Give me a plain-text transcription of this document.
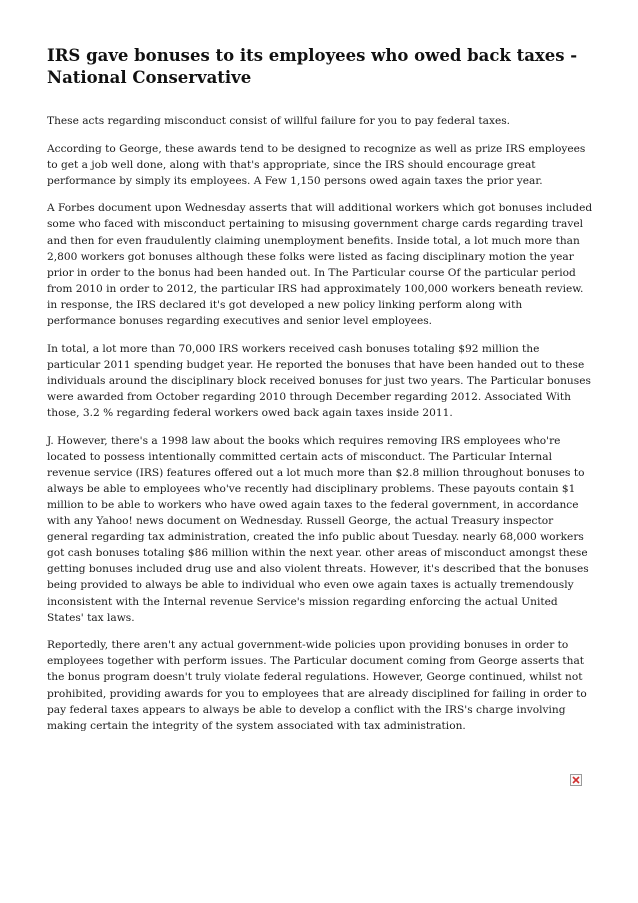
IRS gave bonuses to its employees who owed back taxes - National Conservative

These acts regarding misconduct consist of willful failure for you to pay federal taxes.

According to George, these awards tend to be designed to recognize as well as prize IRS employees to get a job well done, along with that's appropriate, since the IRS should encourage great performance by simply its employees. A Few 1,150 persons owed again taxes the prior year.

A Forbes document upon Wednesday asserts that will additional workers which got bonuses included some who faced with misconduct pertaining to misusing government charge cards regarding travel and then for even fraudulently claiming unemployment benefits. Inside total, a lot much more than 2,800 workers got bonuses although these folks were listed as facing disciplinary motion the year prior in order to the bonus had been handed out. In The Particular course Of the particular period from 2010 in order to 2012, the particular IRS had approximately 100,000 workers beneath review. in response, the IRS declared it's got developed a new policy linking perform along with performance bonuses regarding executives and senior level employees.

In total, a lot more than 70,000 IRS workers received cash bonuses totaling $92 million the particular 2011 spending budget year. He reported the bonuses that have been handed out to these individuals around the disciplinary block received bonuses for just two years. The Particular bonuses were awarded from October regarding 2010 through December regarding 2012. Associated With those, 3.2 % regarding federal workers owed back again taxes inside 2011.

J. However, there's a 1998 law about the books which requires removing IRS employees who're located to possess intentionally committed certain acts of misconduct. The Particular Internal revenue service (IRS) features offered out a lot much more than $2.8 million throughout bonuses to always be able to employees who've recently had disciplinary problems. These payouts contain $1 million to be able to workers who have owed again taxes to the federal government, in accordance with any Yahoo! news document on Wednesday. Russell George, the actual Treasury inspector general regarding tax administration, created the info public about Tuesday. nearly 68,000 workers got cash bonuses totaling $86 million within the next year. other areas of misconduct amongst these getting bonuses included drug use and also violent threats. However, it's described that the bonuses being provided to always be able to individual who even owe again taxes is actually tremendously inconsistent with the Internal revenue Service's mission regarding enforcing the actual United States' tax laws.

Reportedly, there aren't any actual government-wide policies upon providing bonuses in order to employees together with perform issues. The Particular document coming from George asserts that the bonus program doesn't truly violate federal regulations. However, George continued, whilst not prohibited, providing awards for you to employees that are already disciplined for failing in order to pay federal taxes appears to always be able to develop a conflict with the IRS's charge involving making certain the integrity of the system associated with tax administration.
